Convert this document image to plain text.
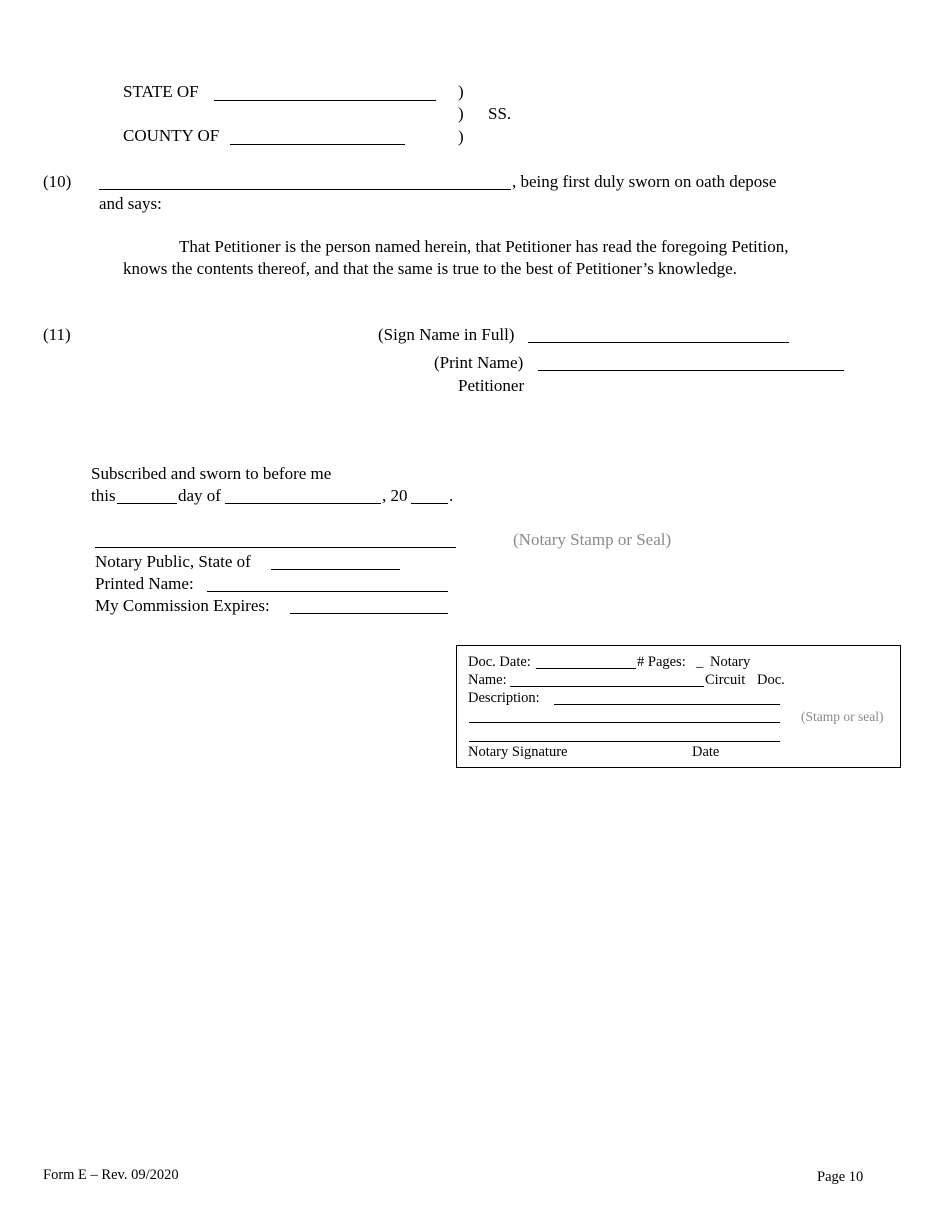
STATE OF
COUNTY OF
)
)
)
SS.
(10)	, being first duly sworn on oath depose
and says:
That Petitioner is the person named herein, that Petitioner has read the foregoing Petition,
knows the contents thereof, and that the same is true to the best of Petitioner’s knowledge.
(11)	(Sign Name in Full)
(Print Name)
Petitioner
Subscribed and sworn to before me
this	day of	, 20 .
(Notary Stamp or Seal)
Notary Public, State of
Printed Name:
My Commission Expires:
Doc. Date:	# Pages: _ Notary
Name:	Circuit Doc.
Description:
(Stamp or seal)
Notary Signature	Date
Form E – Rev. 09/2020	Page 10
